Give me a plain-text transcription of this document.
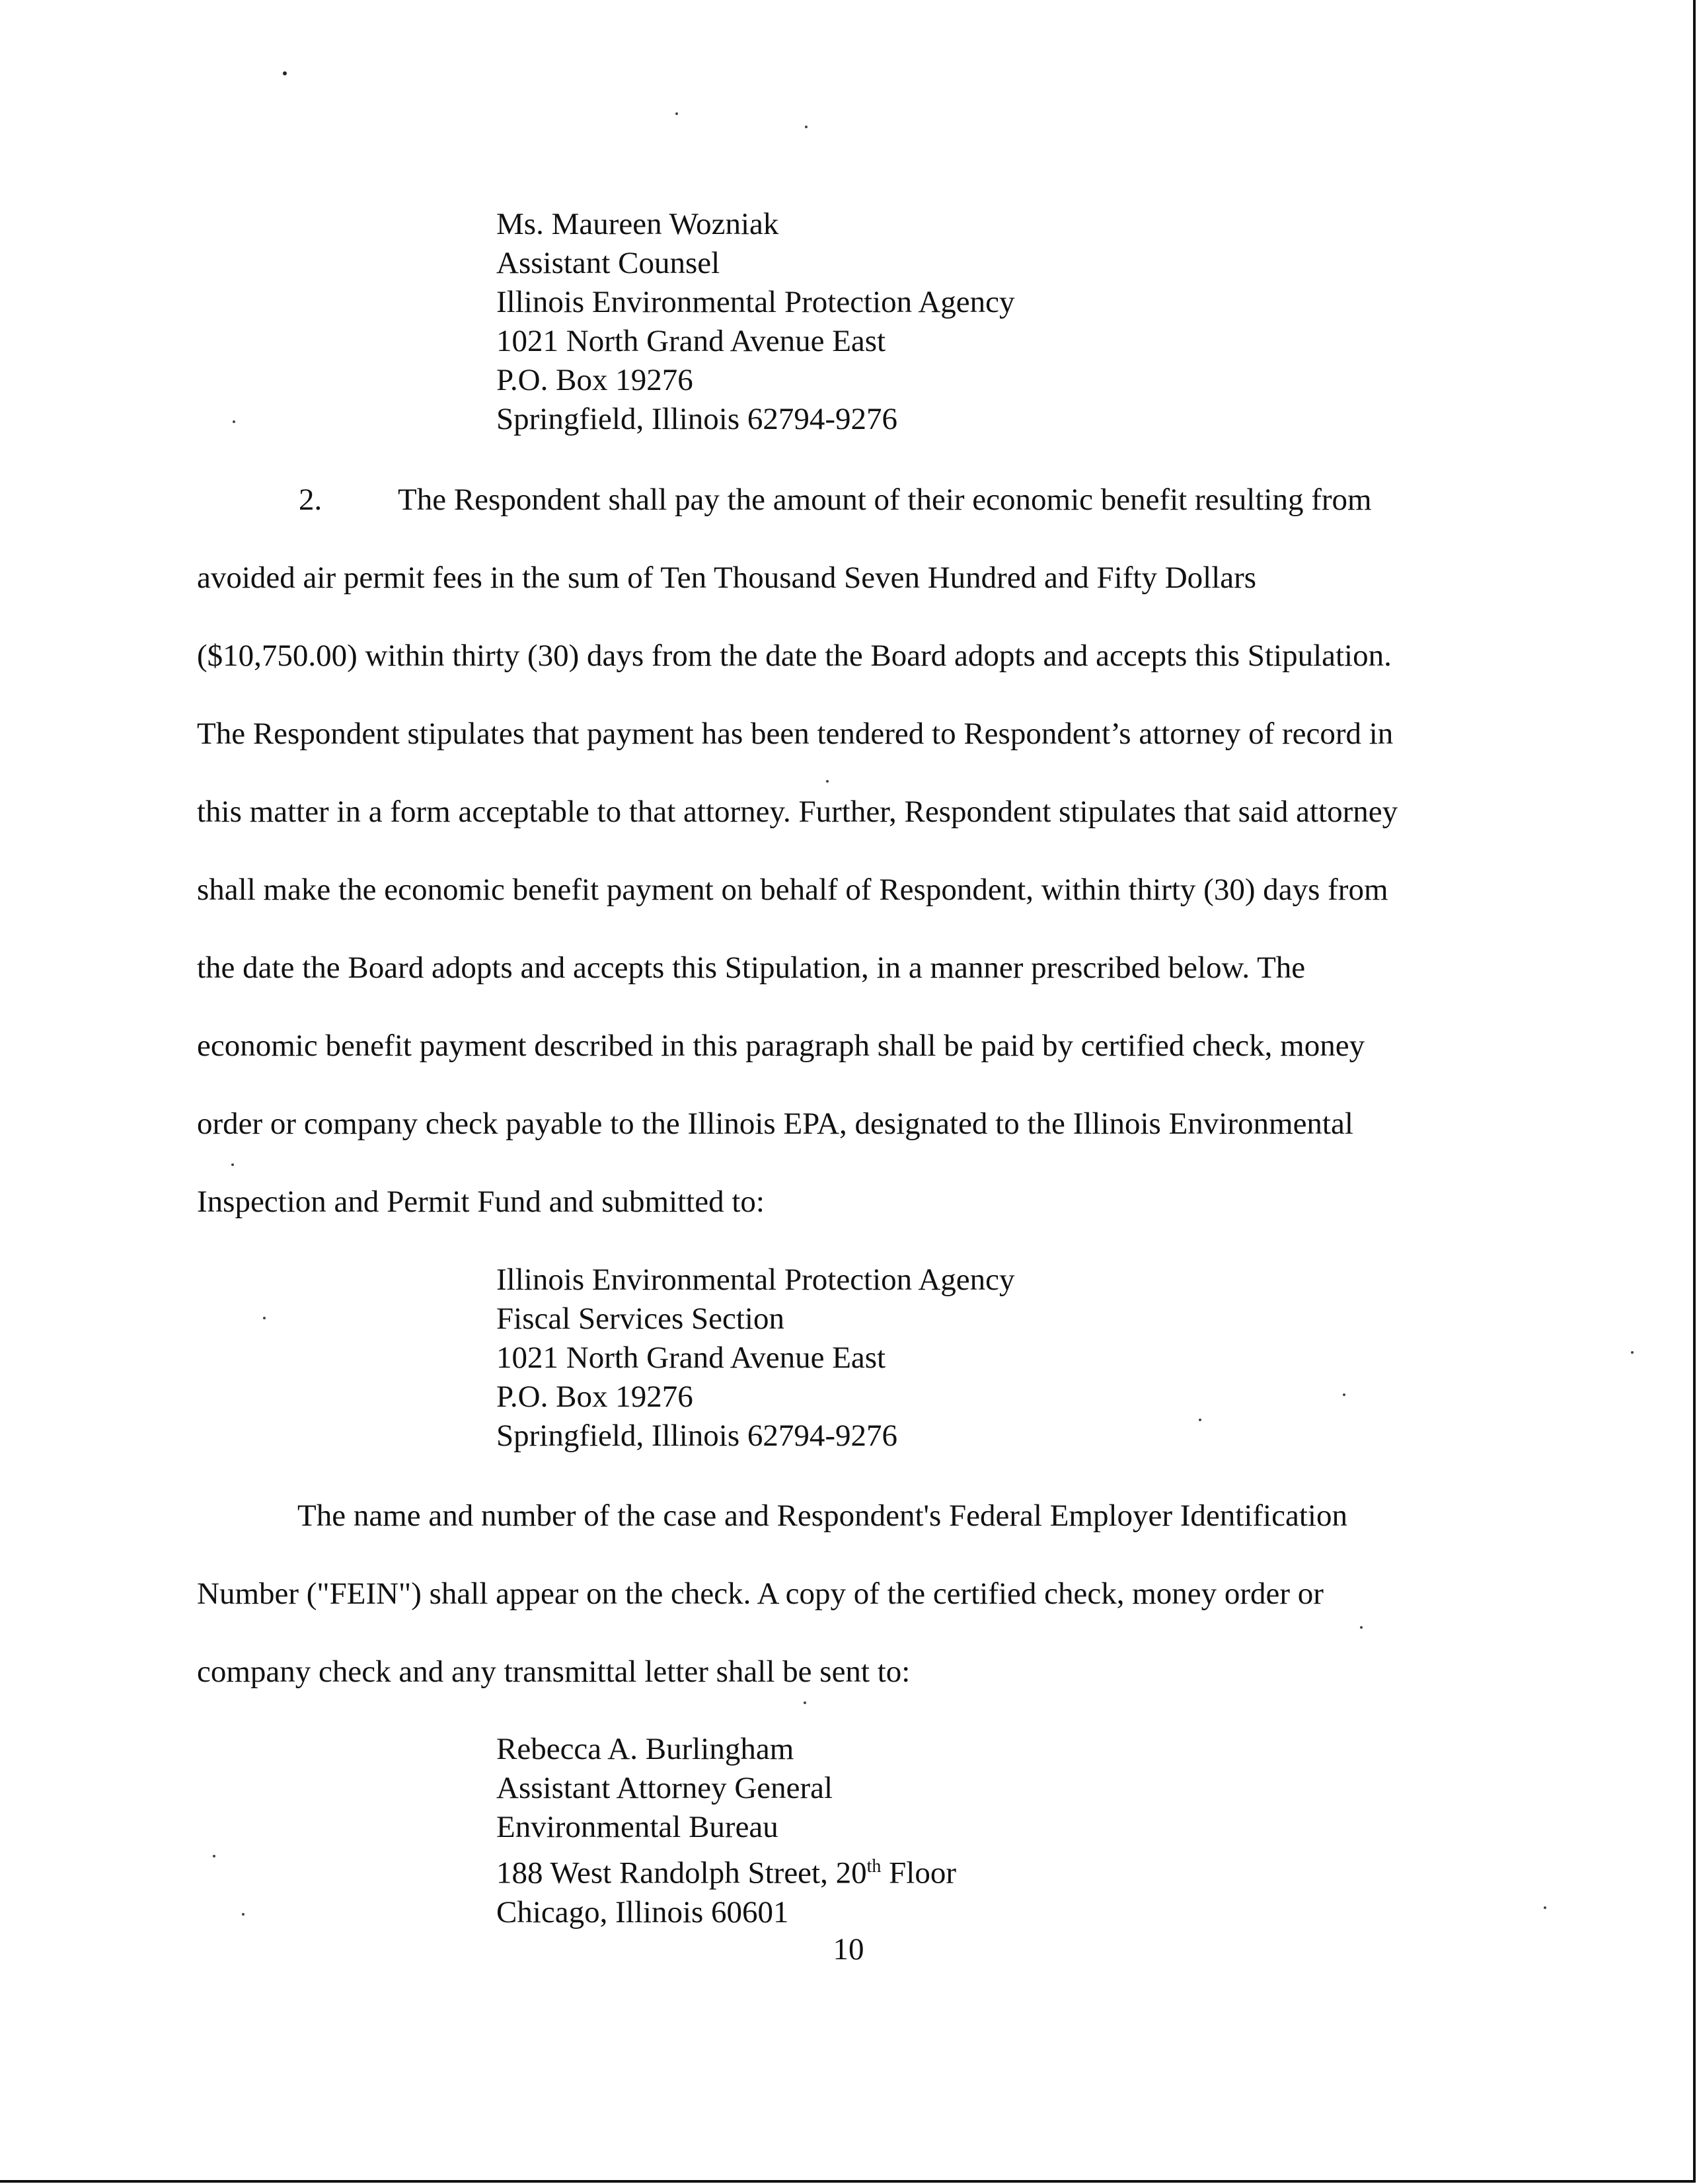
Ms. Maureen Wozniak
Assistant Counsel
Illinois Environmental Protection Agency
1021 North Grand Avenue East
P.O. Box 19276
Springfield, Illinois 62794-9276
2.	The Respondent shall pay the amount of their economic benefit resulting from
avoided air permit fees in the sum of Ten Thousand Seven Hundred and Fifty Dollars
($10,750.00) within thirty (30) days from the date the Board adopts and accepts this Stipulation.
The Respondent stipulates that payment has been tendered to Respondent’s attorney of record in
this matter in a form acceptable to that attorney. Further, Respondent stipulates that said attorney
shall make the economic benefit payment on behalf of Respondent, within thirty (30) days from
the date the Board adopts and accepts this Stipulation, in a manner prescribed below. The
economic benefit payment described in this paragraph shall be paid by certified check, money
order or company check payable to the Illinois EPA, designated to the Illinois Environmental
Inspection and Permit Fund and submitted to:
Illinois Environmental Protection Agency
Fiscal Services Section
1021 North Grand Avenue East
P.O. Box 19276
Springfield, Illinois 62794-9276
The name and number of the case and Respondent's Federal Employer Identification
Number ("FEIN") shall appear on the check. A copy of the certified check, money order or
company check and any transmittal letter shall be sent to:
Rebecca A. Burlingham
Assistant Attorney General
Environmental Bureau
188 West Randolph Street, 20th Floor
Chicago, Illinois 60601
10
